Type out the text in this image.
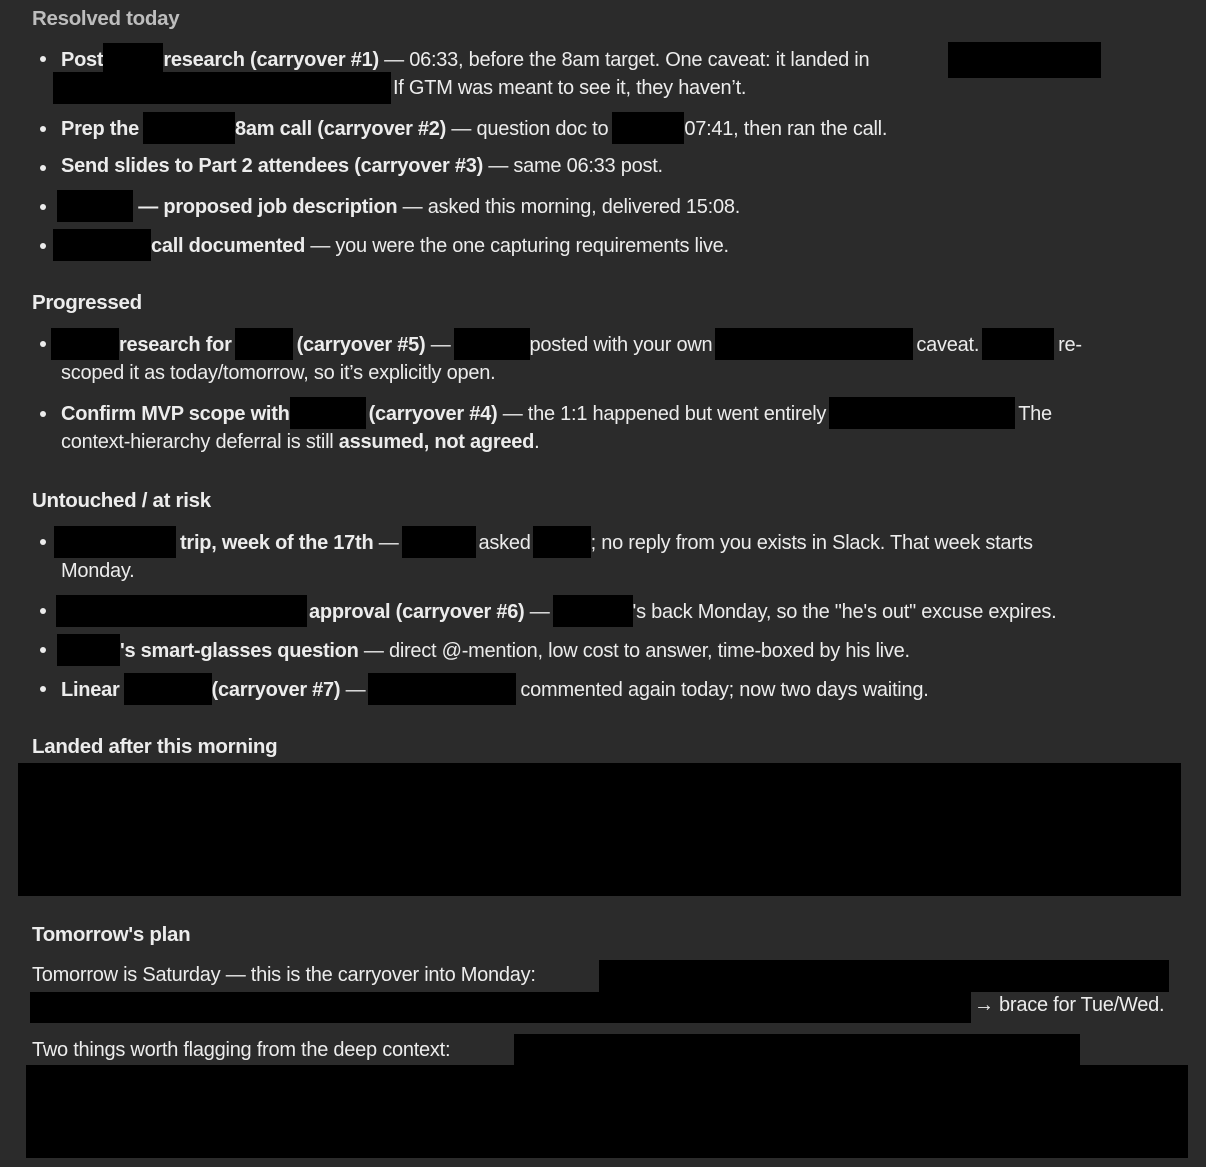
Resolved today
Post	research (carryover #1) — 06:33, before the 8am target. One caveat: it landed in
If GTM was meant to see it, they haven’t.
Prep the	8am call (carryover #2) — question doc to	07:41, then ran the call.
Send slides to Part 2 attendees (carryover #3) — same 06:33 post.
— proposed job description — asked this morning, delivered 15:08.
call documented — you were the one capturing requirements live.
Progressed
research for	(carryover #5) —	posted with your own	caveat.	re-
scoped it as today/tomorrow, so it’s explicitly open.
Confirm MVP scope with	(carryover #4) — the 1:1 happened but went entirely	The
context-hierarchy deferral is still assumed, not agreed.
Untouched / at risk
trip, week of the 17th —	asked	; no reply from you exists in Slack. That week starts
Monday.
approval (carryover #6) —	's back Monday, so the "he's out" excuse expires.
's smart-glasses question — direct @-mention, low cost to answer, time-boxed by his live.
Linear	(carryover #7) —	commented again today; now two days waiting.
Landed after this morning
Tomorrow's plan
Tomorrow is Saturday — this is the carryover into Monday:
→ brace for Tue/Wed.
Two things worth flagging from the deep context:
